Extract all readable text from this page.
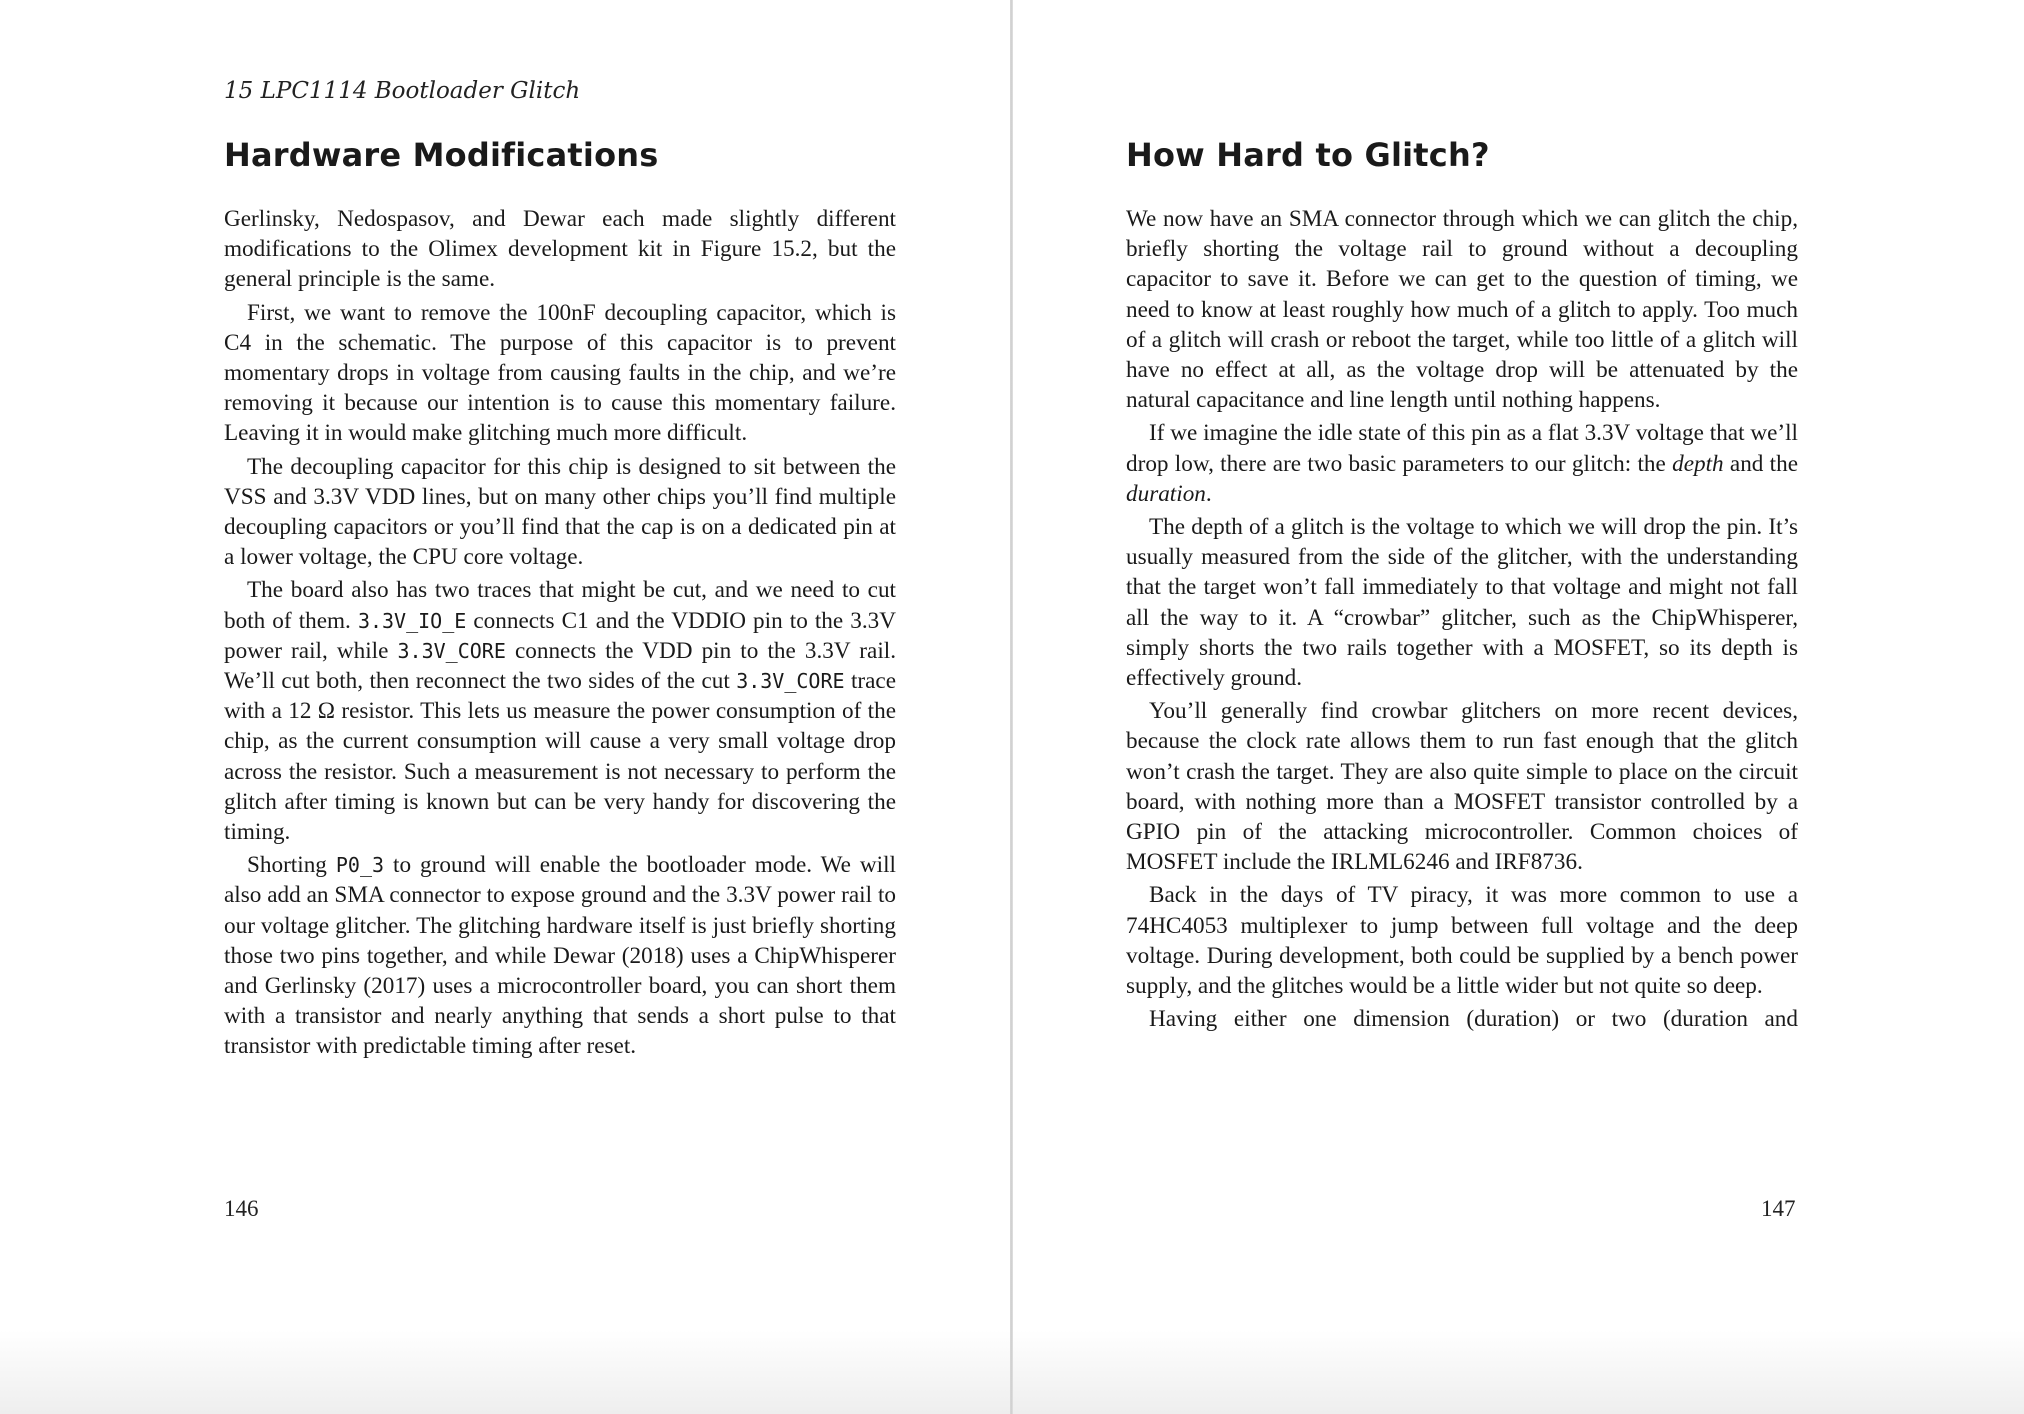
15 LPC1114 Bootloader Glitch
Hardware Modifications

Gerlinsky, Nedospasov, and Dewar each made slightly different modifications to the Olimex development kit in Figure 15.2, but the general principle is the same.

First, we want to remove the 100nF decoupling capacitor, which is C4 in the schematic. The purpose of this capacitor is to prevent momentary drops in voltage from causing faults in the chip, and we’re removing it because our intention is to cause this momentary failure. Leaving it in would make glitching much more difficult.

The decoupling capacitor for this chip is designed to sit between the VSS and 3.3V VDD lines, but on many other chips you’ll find multiple decoupling capacitors or you’ll find that the cap is on a dedicated pin at a lower voltage, the CPU core voltage.

The board also has two traces that might be cut, and we need to cut both of them. 3.3V_IO_E connects C1 and the VDDIO pin to the 3.3V power rail, while 3.3V_CORE connects the VDD pin to the 3.3V rail. We’ll cut both, then reconnect the two sides of the cut 3.3V_CORE trace with a 12 Ω resistor. This lets us measure the power consumption of the chip, as the current consumption will cause a very small voltage drop across the resistor. Such a measurement is not necessary to perform the glitch after timing is known but can be very handy for discovering the timing.

Shorting P0_3 to ground will enable the bootloader mode. We will also add an SMA connector to expose ground and the 3.3V power rail to our voltage glitcher. The glitching hardware itself is just briefly shorting those two pins together, and while Dewar (2018) uses a ChipWhisperer and Gerlinsky (2017) uses a microcontroller board, you can short them with a transistor and nearly anything that sends a short pulse to that transistor with predictable timing after reset.

146
How Hard to Glitch?

We now have an SMA connector through which we can glitch the chip, briefly shorting the voltage rail to ground without a decoupling capacitor to save it. Before we can get to the question of timing, we need to know at least roughly how much of a glitch to apply. Too much of a glitch will crash or reboot the target, while too little of a glitch will have no effect at all, as the voltage drop will be attenuated by the natural capacitance and line length until nothing happens.

If we imagine the idle state of this pin as a flat 3.3V voltage that we’ll drop low, there are two basic parameters to our glitch: the depth and the duration.

The depth of a glitch is the voltage to which we will drop the pin. It’s usually measured from the side of the glitcher, with the understanding that the target won’t fall immediately to that voltage and might not fall all the way to it. A “crowbar” glitcher, such as the ChipWhisperer, simply shorts the two rails together with a MOSFET, so its depth is effectively ground.

You’ll generally find crowbar glitchers on more recent devices, because the clock rate allows them to run fast enough that the glitch won’t crash the target. They are also quite simple to place on the circuit board, with nothing more than a MOSFET transistor controlled by a GPIO pin of the attacking microcontroller. Common choices of MOSFET include the IRLML6246 and IRF8736.

Back in the days of TV piracy, it was more common to use a 74HC4053 multiplexer to jump between full voltage and the deep voltage. During development, both could be supplied by a bench power supply, and the glitches would be a little wider but not quite so deep.

Having either one dimension (duration) or two (duration and

147
